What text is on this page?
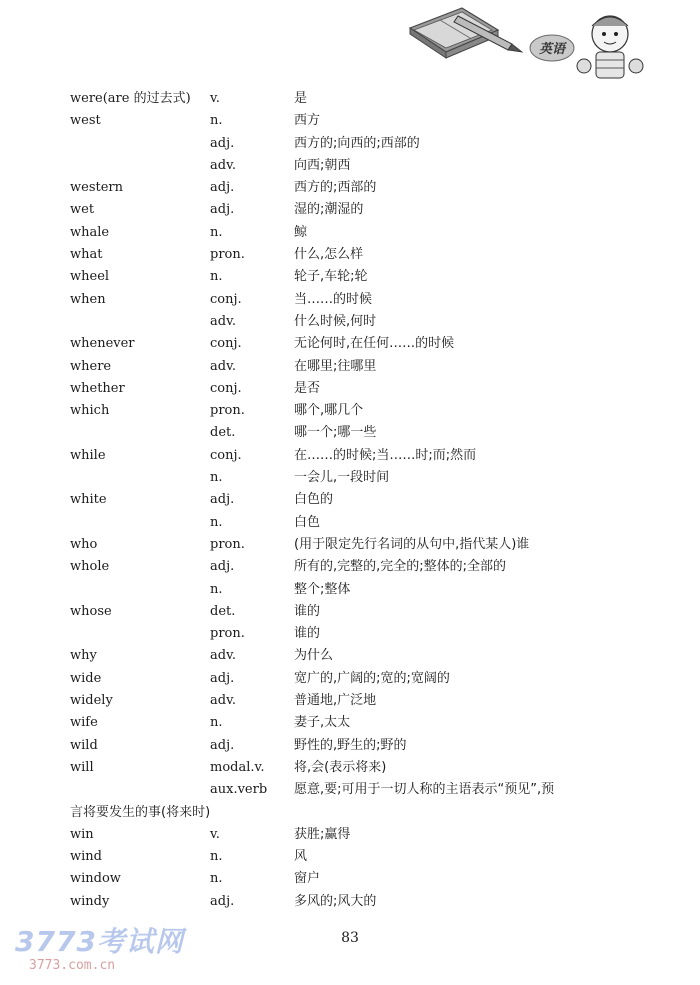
英语
were(are 的过去式) v.	是
west	n.	西方
adj.	西方的;向西的;西部的
adv.	向西;朝西
western	adj.	西方的;西部的
wet	adj.	湿的;潮湿的
whale	n.	鲸
what	pron.	什么,怎么样
wheel	n.	轮子,车轮;轮
when	conj.	当……的时候
adv.	什么时候,何时
whenever	conj.	无论何时,在任何……的时候
where	adv.	在哪里;往哪里
whether	conj.	是否
which	pron.	哪个,哪几个
det.	哪一个;哪一些
while	conj.	在……的时候;当……时;而;然而
n.	一会儿,一段时间
white	adj.	白色的
n.	白色
who	pron.	(用于限定先行名词的从句中,指代某人)谁
whole	adj.	所有的,完整的,完全的;整体的;全部的
n.	整个;整体
whose	det.	谁的
pron.	谁的
why	adv.	为什么
wide	adj.	宽广的,广阔的;宽的;宽阔的
widely	adv.	普通地,广泛地
wife	n.	妻子,太太
wild	adj.	野性的,野生的;野的
will	modal.v. 将,会(表示将来)
aux.verb 愿意,要;可用于一切人称的主语表示“预见”,预
言将要发生的事(将来时)
win	v.	获胜;赢得
wind	n.	风
window	n.	窗户
windy	adj.	多风的;风大的
83
3773考试网
3773.com.cn
